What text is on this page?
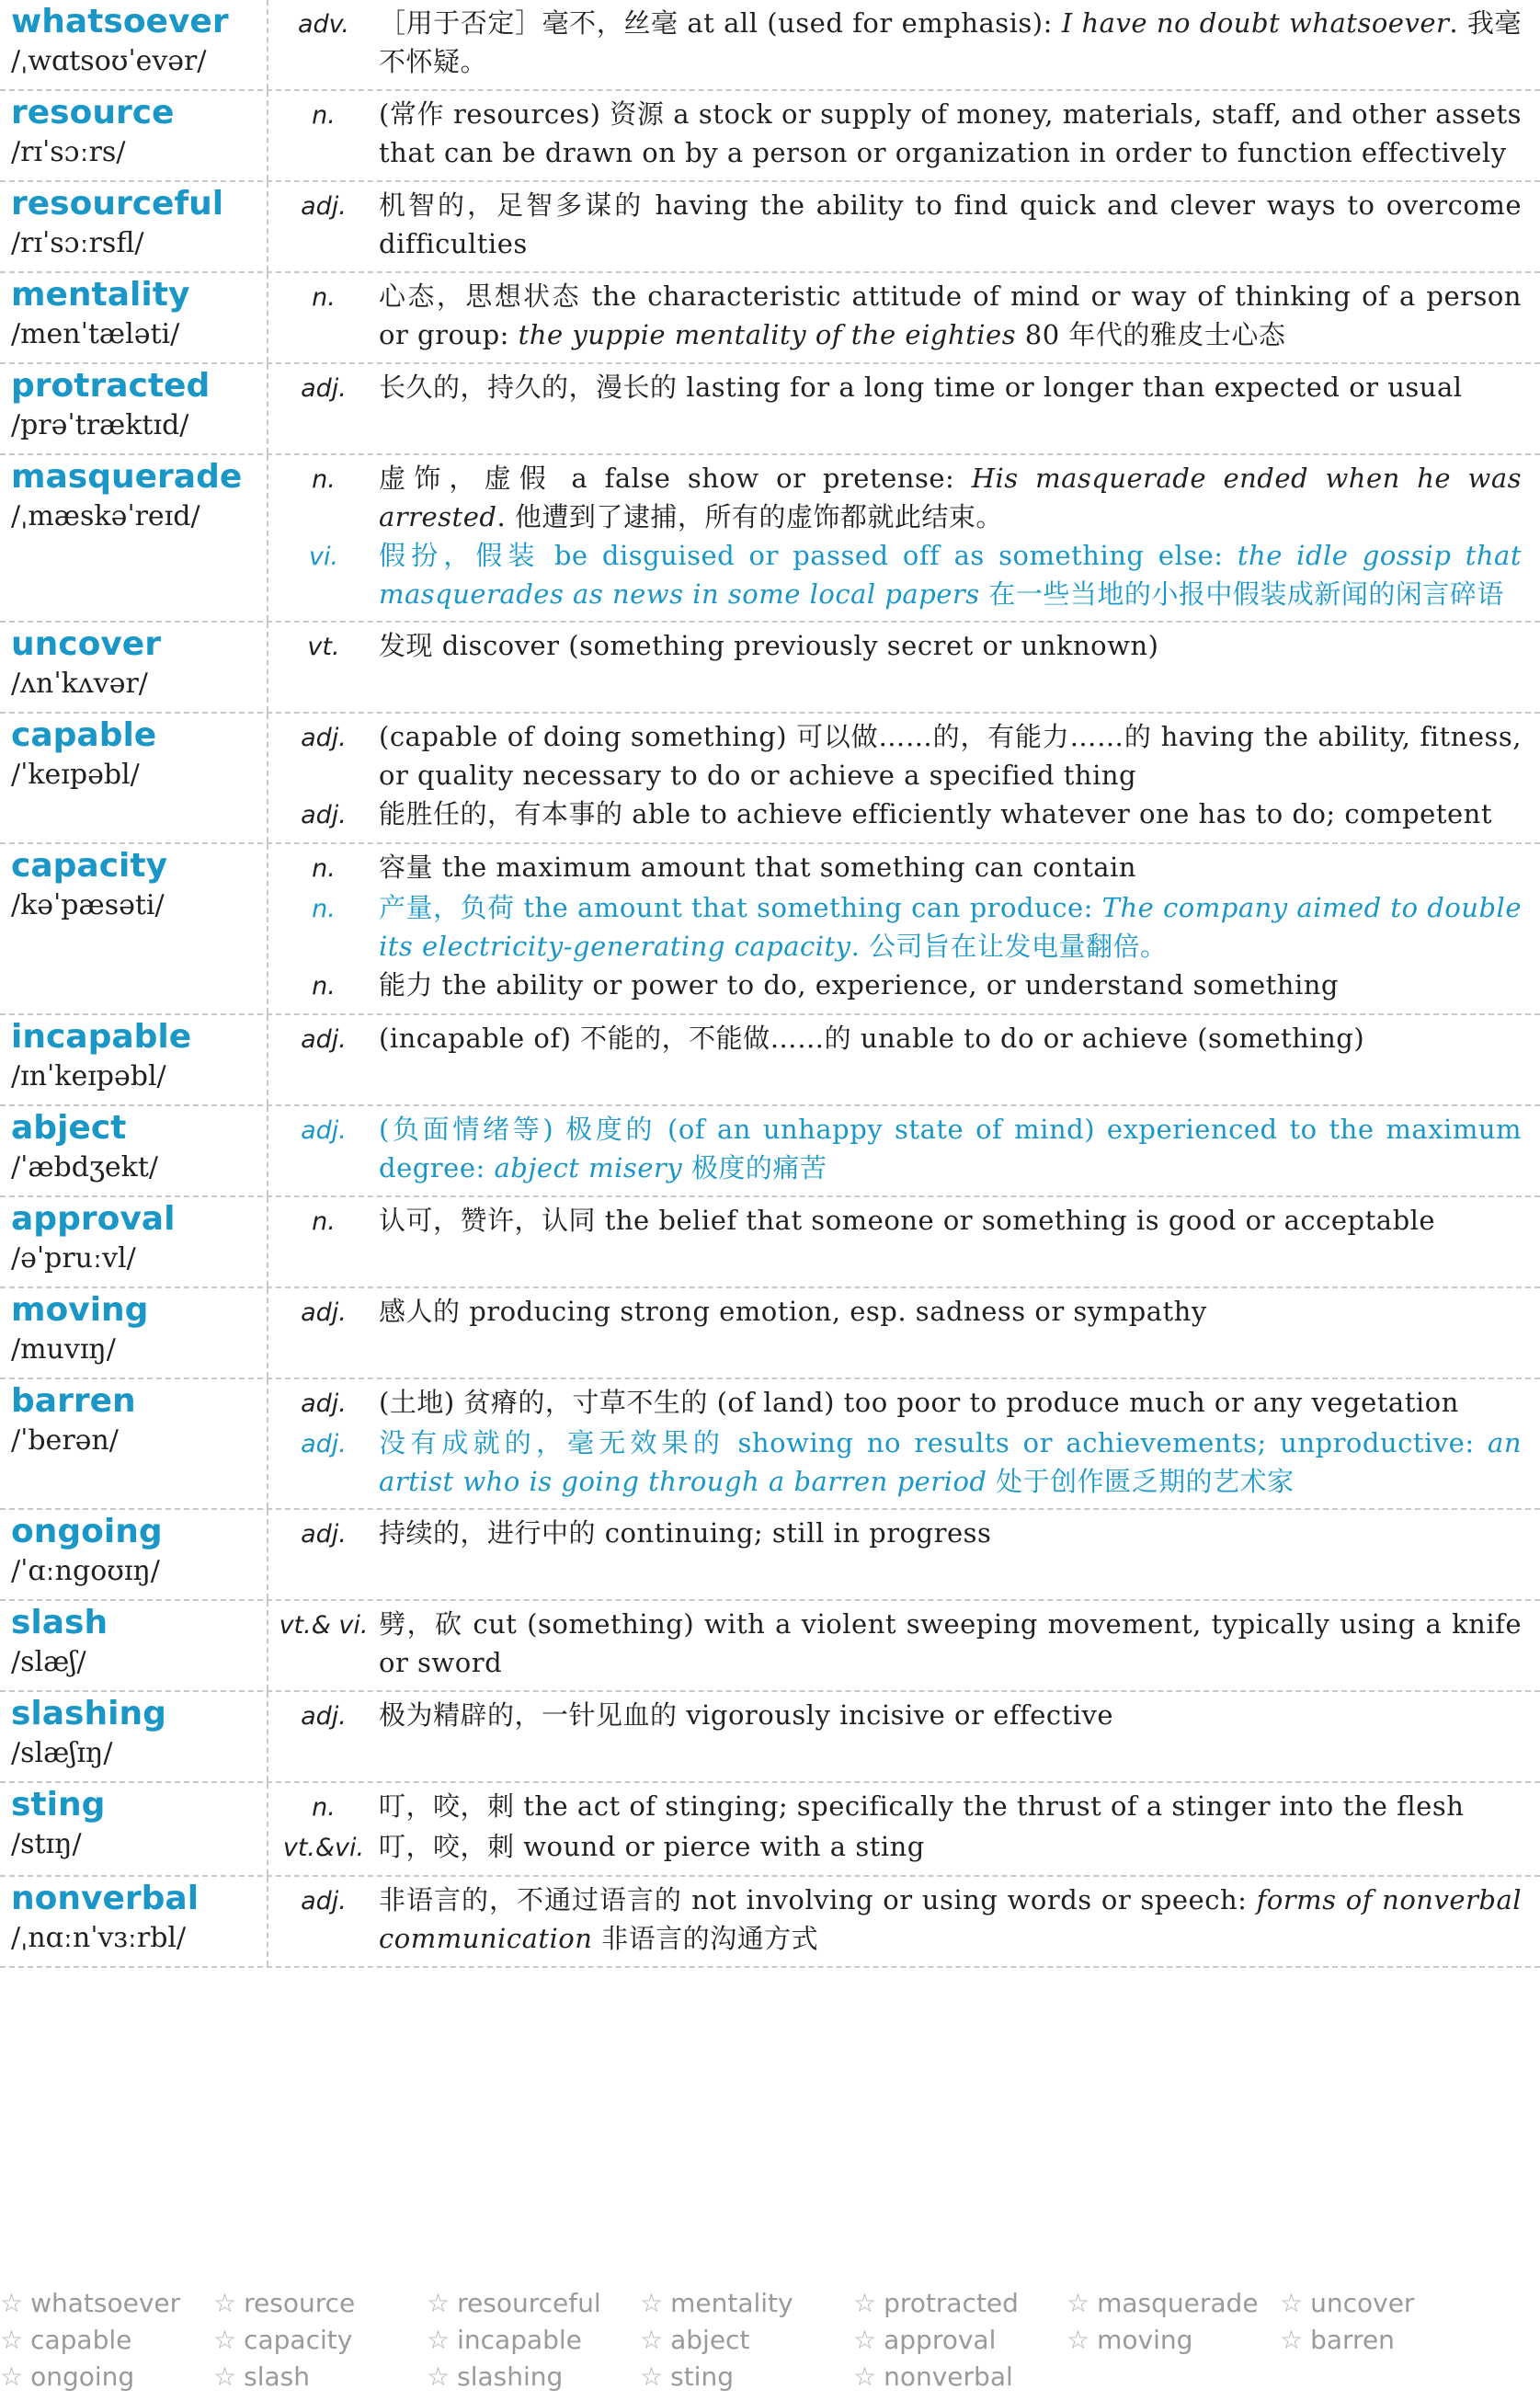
whatsoever
/ˌwɑtsoʊˈevər/
adv.	［用于否定］毫不，丝毫 at all (used for emphasis): I have no doubt whatsoever. 我毫不怀疑。
resource
/rɪˈsɔːrs/
n.	(常作 resources) 资源 a stock or supply of money, materials, staff, and other assets that can be drawn on by a person or organization in order to function effectively
resourceful
/rɪˈsɔːrsfl/
adj.	机智的，足智多谋的 having the ability to find quick and clever ways to overcome difficulties
mentality
/menˈtæləti/
n.	心态，思想状态 the characteristic attitude of mind or way of thinking of a person or group: the yuppie mentality of the eighties 80 年代的雅皮士心态
protracted
/prəˈtræktɪd/
adj.	长久的，持久的，漫长的 lasting for a long time or longer than expected or usual
masquerade
/ˌmæskəˈreɪd/
n.	虚饰，虚假 a false show or pretense: His masquerade ended when he was arrested. 他遭到了逮捕，所有的虚饰都就此结束。
vi.	假扮，假装 be disguised or passed off as something else: the idle gossip that masquerades as news in some local papers 在一些当地的小报中假装成新闻的闲言碎语
uncover
/ʌnˈkʌvər/
vt.	发现 discover (something previously secret or unknown)
capable
/ˈkeɪpəbl/
adj.	(capable of doing something) 可以做……的，有能力……的 having the ability, fitness, or quality necessary to do or achieve a specified thing
adj.	能胜任的，有本事的 able to achieve efficiently whatever one has to do; competent
capacity
/kəˈpæsəti/
n.	容量 the maximum amount that something can contain
n.	产量，负荷 the amount that something can produce: The company aimed to double its electricity-generating capacity. 公司旨在让发电量翻倍。
n.	能力 the ability or power to do, experience, or understand something
incapable
/ɪnˈkeɪpəbl/
adj.	(incapable of) 不能的，不能做……的 unable to do or achieve (something)
abject
/ˈæbdʒekt/
adj.	(负面情绪等) 极度的 (of an unhappy state of mind) experienced to the maximum degree: abject misery 极度的痛苦
approval
/əˈpruːvl/
n.	认可，赞许，认同 the belief that someone or something is good or acceptable
moving
/muvɪŋ/
adj.	感人的 producing strong emotion, esp. sadness or sympathy
barren
/ˈberən/
adj.	(土地) 贫瘠的，寸草不生的 (of land) too poor to produce much or any vegetation
adj.	没有成就的，毫无效果的 showing no results or achievements; unproductive: an artist who is going through a barren period 处于创作匮乏期的艺术家
ongoing
/ˈɑːngoʊɪŋ/
adj.	持续的，进行中的 continuing; still in progress
slash
/slæʃ/
vt.& vi. 劈，砍 cut (something) with a violent sweeping movement, typically using a knife or sword
slashing
/slæʃɪŋ/
adj.	极为精辟的，一针见血的 vigorously incisive or effective
sting
/stɪŋ/
n.	叮，咬，刺 the act of stinging; specifically the thrust of a stinger into the flesh
vt.&vi. 叮，咬，刺 wound or pierce with a sting
nonverbal
/ˌnɑːnˈvɜːrbl/
adj.	非语言的，不通过语言的 not involving or using words or speech: forms of nonverbal communication 非语言的沟通方式
☆ whatsoever	☆ resource	☆ resourceful	☆ mentality	☆ protracted	☆ masquerade ☆ uncover
☆ capable	☆ capacity	☆ incapable	☆ abject	☆ approval	☆ moving	☆ barren
☆ ongoing	☆ slash	☆ slashing	☆ sting	☆ nonverbal
